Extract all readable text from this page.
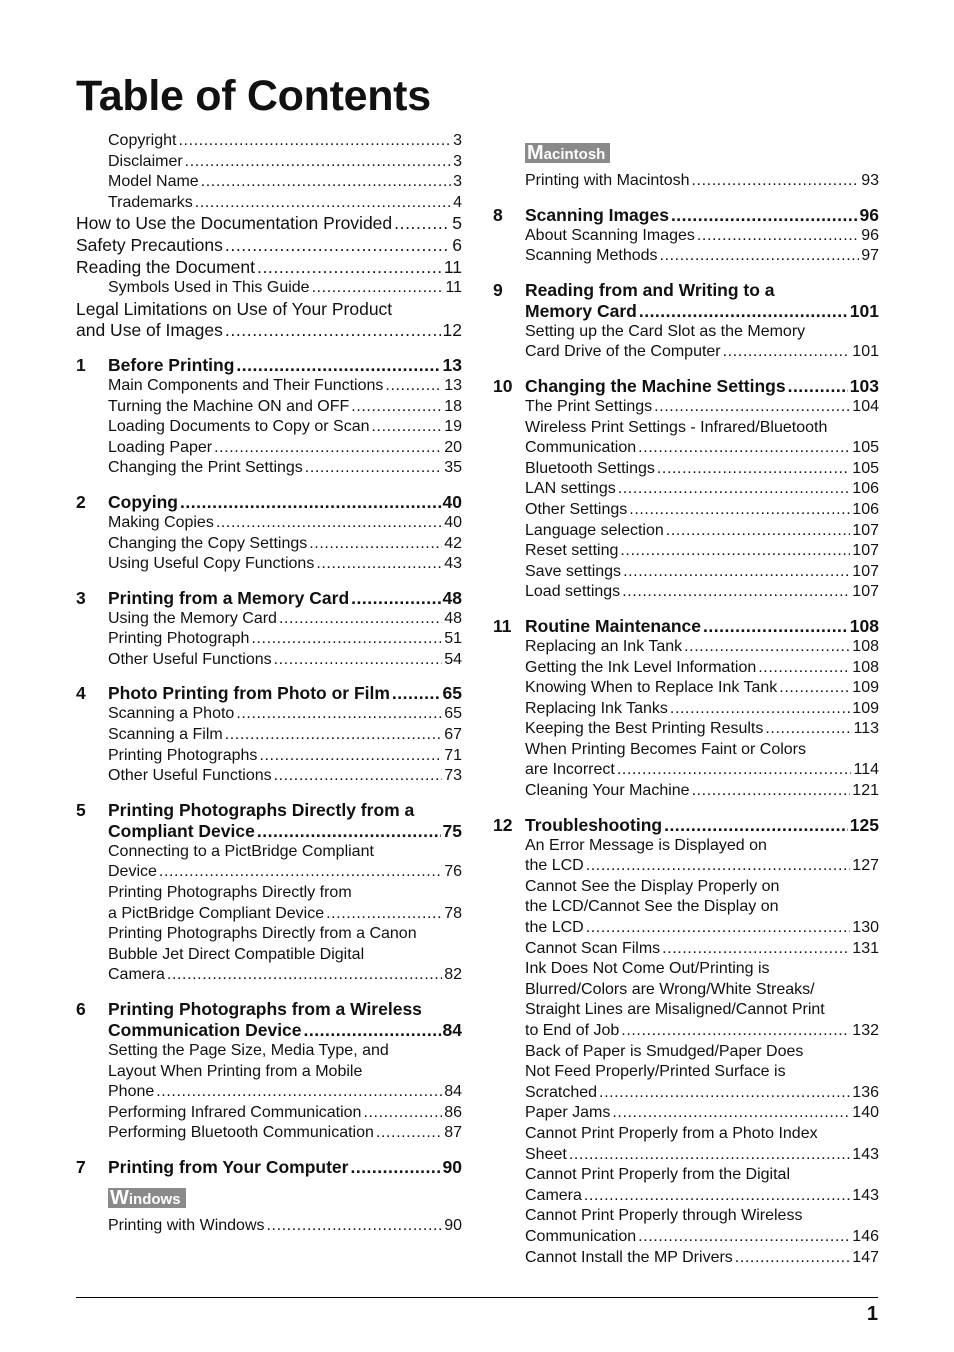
Table of Contents
Copyright .....	3
Disclaimer .....	3
Model Name .....	3
Trademarks .....	4
How to Use the Documentation Provided .....	5
Safety Precautions .....	6
Reading the Document .....	11
Symbols Used in This Guide .....	11
Legal Limitations on Use of Your Product
and Use of Images .....	12
1	Before Printing .....	13
Main Components and Their Functions .....	13
Turning the Machine ON and OFF .....	18
Loading Documents to Copy or Scan .....	19
Loading Paper .....	20
Changing the Print Settings .....	35
2	Copying .....	40
Making Copies .....	40
Changing the Copy Settings .....	42
Using Useful Copy Functions .....	43
3	Printing from a Memory Card .....	48
Using the Memory Card .....	48
Printing Photograph .....	51
Other Useful Functions .....	54
4	Photo Printing from Photo or Film .....	65
Scanning a Photo .....	65
Scanning a Film .....	67
Printing Photographs .....	71
Other Useful Functions .....	73
5	Printing Photographs Directly from a
Compliant Device .....	75
Connecting to a PictBridge Compliant
Device .....	76
Printing Photographs Directly from
a PictBridge Compliant Device .....	78
Printing Photographs Directly from a Canon
Bubble Jet Direct Compatible Digital
Camera .....	82
6	Printing Photographs from a Wireless
Communication Device .....	84
Setting the Page Size, Media Type, and
Layout When Printing from a Mobile
Phone .....	84
Performing Infrared Communication .....	86
Performing Bluetooth Communication .....	87
7	Printing from Your Computer .....	90
Windows
Printing with Windows .....	90
Macintosh
Printing with Macintosh .....	93
8	Scanning Images .....	96
About Scanning Images .....	96
Scanning Methods .....	97
9	Reading from and Writing to a
Memory Card .....	101
Setting up the Card Slot as the Memory
Card Drive of the Computer .....	101
10 Changing the Machine Settings .....	103
The Print Settings .....	104
Wireless Print Settings - Infrared/Bluetooth
Communication .....	105
Bluetooth Settings .....	105
LAN settings .....	106
Other Settings .....	106
Language selection .....	107
Reset setting .....	107
Save settings .....	107
Load settings .....	107
11 Routine Maintenance .....	108
Replacing an Ink Tank .....	108
Getting the Ink Level Information .....	108
Knowing When to Replace Ink Tank .....	109
Replacing Ink Tanks .....	109
Keeping the Best Printing Results .....	113
When Printing Becomes Faint or Colors
are Incorrect .....	114
Cleaning Your Machine .....	121
12 Troubleshooting .....	125
An Error Message is Displayed on
the LCD .....	127
Cannot See the Display Properly on
the LCD/Cannot See the Display on
the LCD .....	130
Cannot Scan Films .....	131
Ink Does Not Come Out/Printing is
Blurred/Colors are Wrong/White Streaks/
Straight Lines are Misaligned/Cannot Print
to End of Job .....	132
Back of Paper is Smudged/Paper Does
Not Feed Properly/Printed Surface is
Scratched .....	136
Paper Jams .....	140
Cannot Print Properly from a Photo Index
Sheet .....	143
Cannot Print Properly from the Digital
Camera .....	143
Cannot Print Properly through Wireless
Communication .....	146
Cannot Install the MP Drivers .....	147
1
